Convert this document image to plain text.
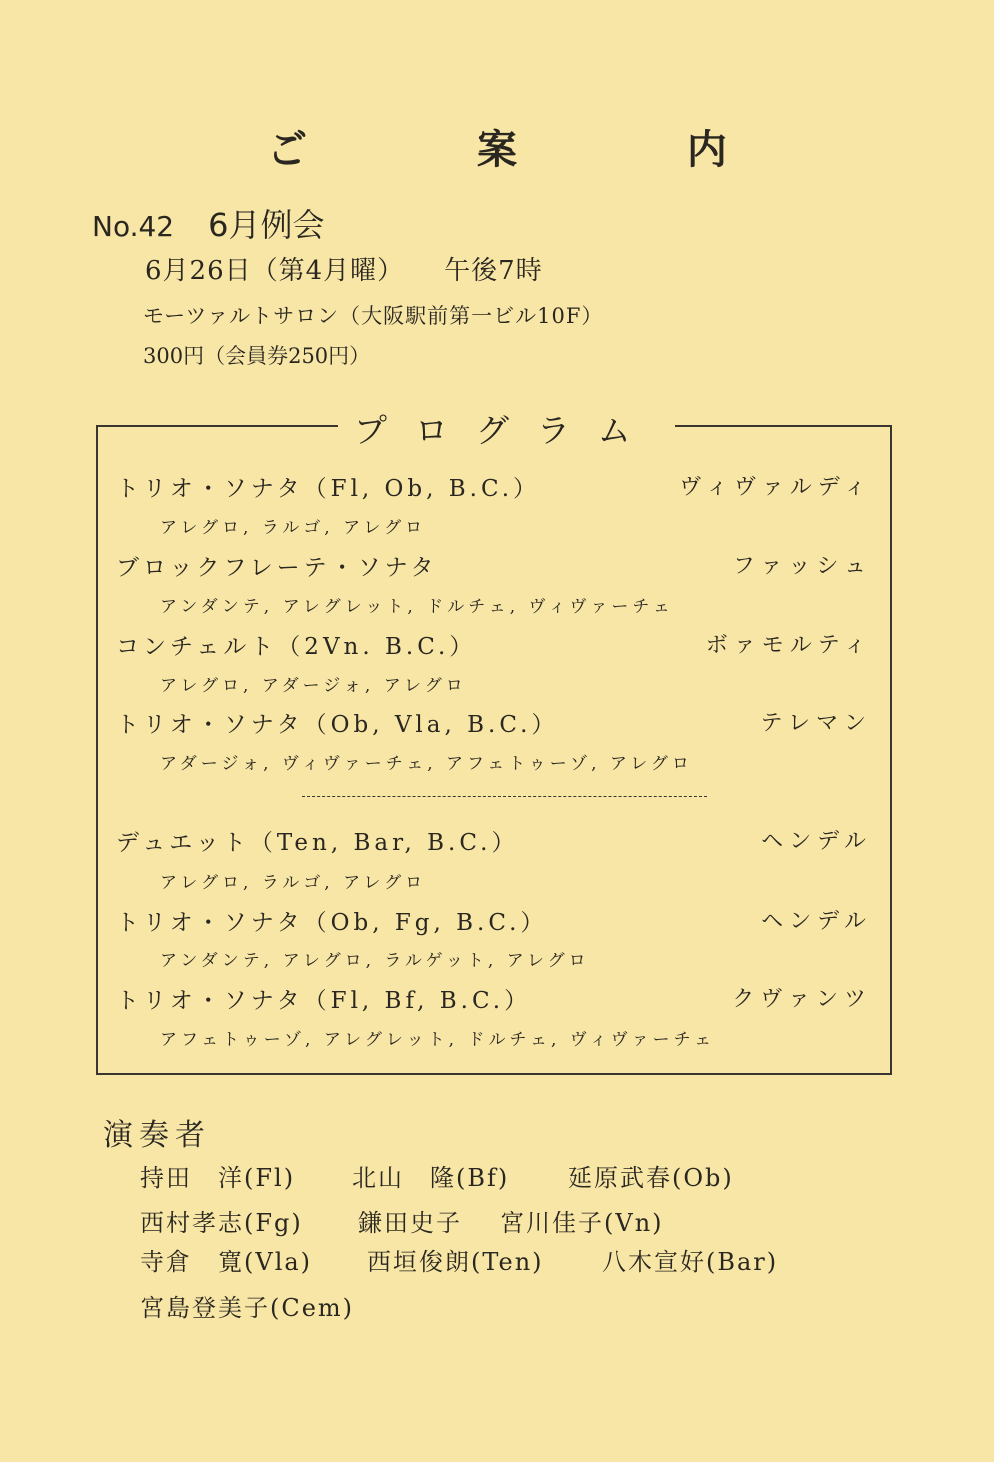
ご 案 内
No.42 6月例会
6月26日（第4月曜） 午後7時
モーツァルトサロン（大阪駅前第一ビル10F）
300円（会員券250円）
プログラム
トリオ・ソナタ（Fl, Ob, B.C.）	ヴィヴァルディ
アレグロ, ラルゴ, アレグロ
ブロックフレーテ・ソナタ	ファッシュ
アンダンテ, アレグレット, ドルチェ, ヴィヴァーチェ
コンチェルト（2Vn. B.C.）	ボァモルティ
アレグロ, アダージォ, アレグロ
トリオ・ソナタ（Ob, Vla, B.C.）	テレマン
アダージォ, ヴィヴァーチェ, アフェトゥーゾ, アレグロ
デュエット（Ten, Bar, B.C.）	ヘンデル
アレグロ, ラルゴ, アレグロ
トリオ・ソナタ（Ob, Fg, B.C.）	ヘンデル
アンダンテ, アレグロ, ラルゲット, アレグロ
トリオ・ソナタ（Fl, Bf, B.C.）	クヴァンツ
アフェトゥーゾ, アレグレット, ドルチェ, ヴィヴァーチェ
演奏者
持田　洋(Fl) 北山　隆(Bf) 延原武春(Ob)
西村孝志(Fg) 鎌田史子 宮川佳子(Vn)
寺倉　寛(Vla) 西垣俊朗(Ten) 八木宣好(Bar)
宮島登美子(Cem)
